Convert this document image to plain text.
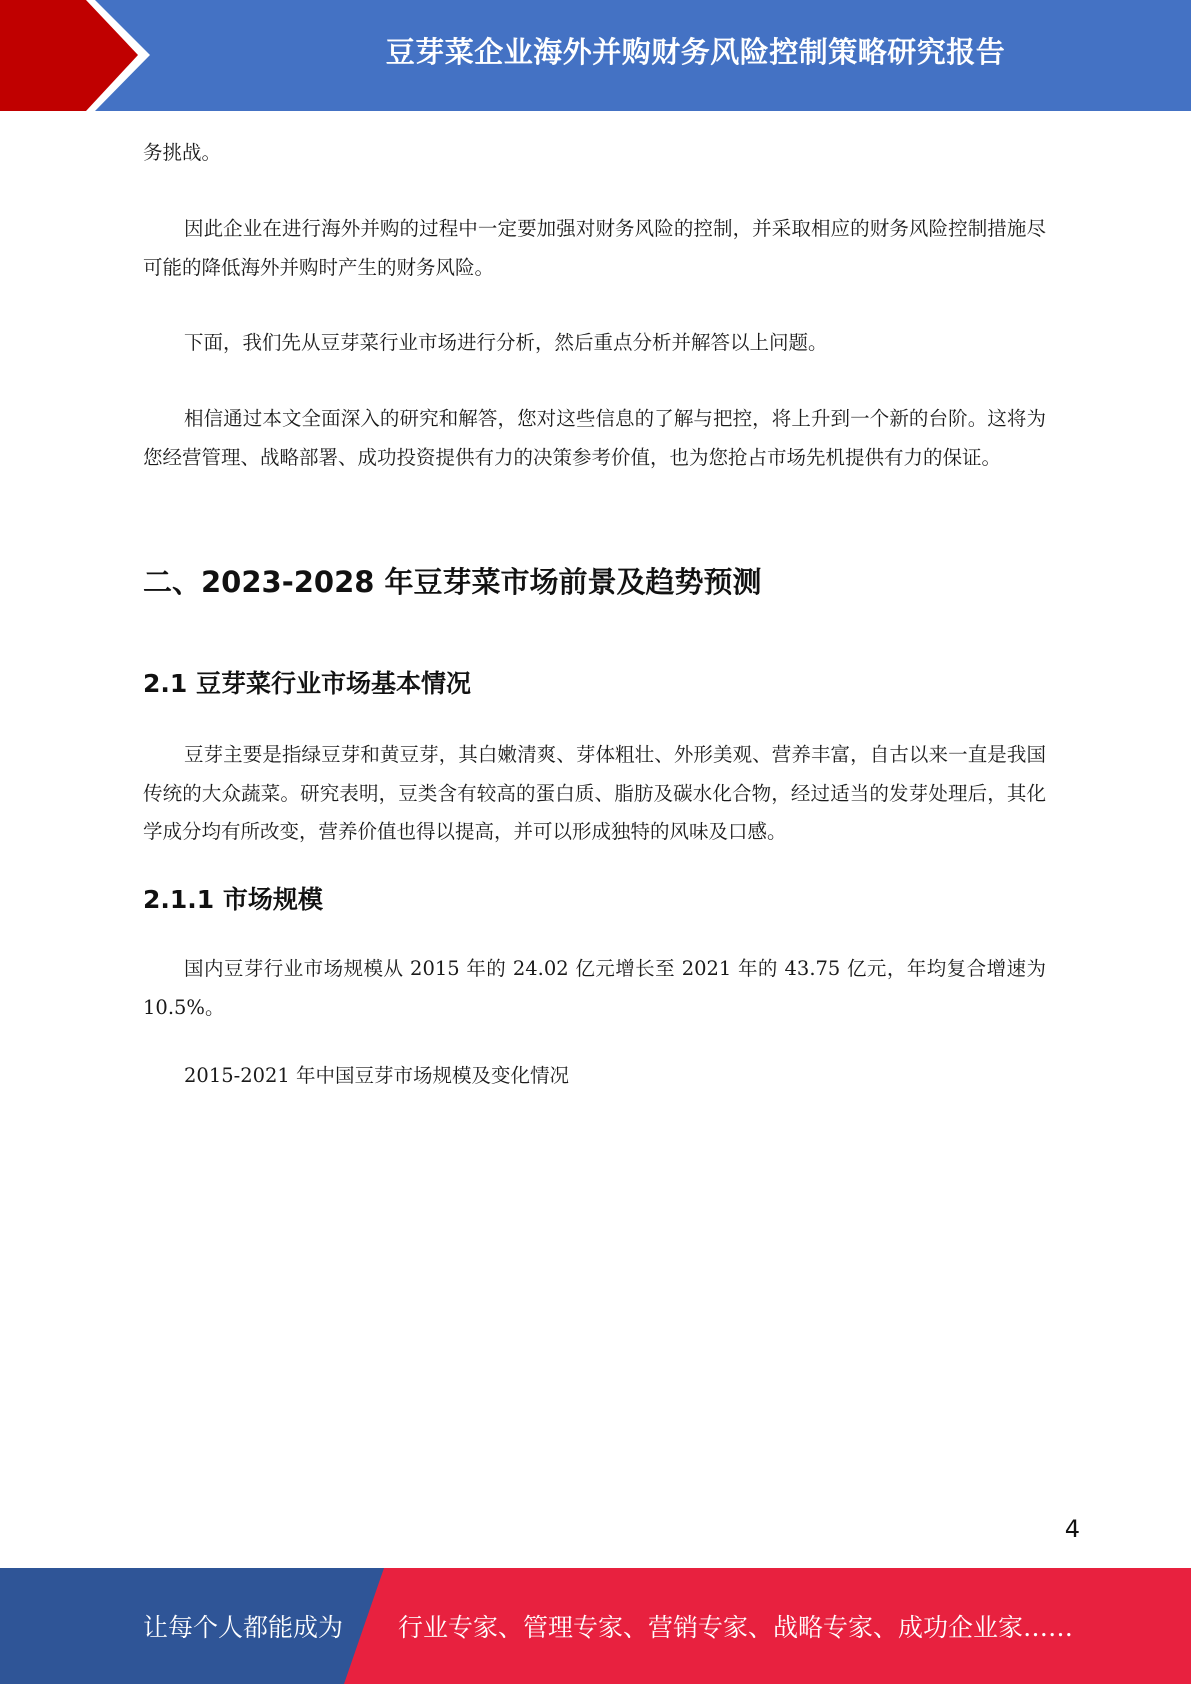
豆芽菜企业海外并购财务风险控制策略研究报告

务挑战。

因此企业在进行海外并购的过程中一定要加强对财务风险的控制，并采取相应的财务风险控制措施尽可能的降低海外并购时产生的财务风险。

下面，我们先从豆芽菜行业市场进行分析，然后重点分析并解答以上问题。

相信通过本文全面深入的研究和解答，您对这些信息的了解与把控，将上升到一个新的台阶。这将为您经营管理、战略部署、成功投资提供有力的决策参考价值，也为您抢占市场先机提供有力的保证。

二、2023-2028 年豆芽菜市场前景及趋势预测
2.1 豆芽菜行业市场基本情况

豆芽主要是指绿豆芽和黄豆芽，其白嫩清爽、芽体粗壮、外形美观、营养丰富，自古以来一直是我国传统的大众蔬菜。研究表明，豆类含有较高的蛋白质、脂肪及碳水化合物，经过适当的发芽处理后，其化学成分均有所改变，营养价值也得以提高，并可以形成独特的风味及口感。

2.1.1 市场规模

国内豆芽行业市场规模从 2015 年的 24.02 亿元增长至 2021 年的 43.75 亿元，年均复合增速为 10.5%。

2015-2021 年中国豆芽市场规模及变化情况

4
让每个人都能成为 行业专家、管理专家、营销专家、战略专家、成功企业家……
